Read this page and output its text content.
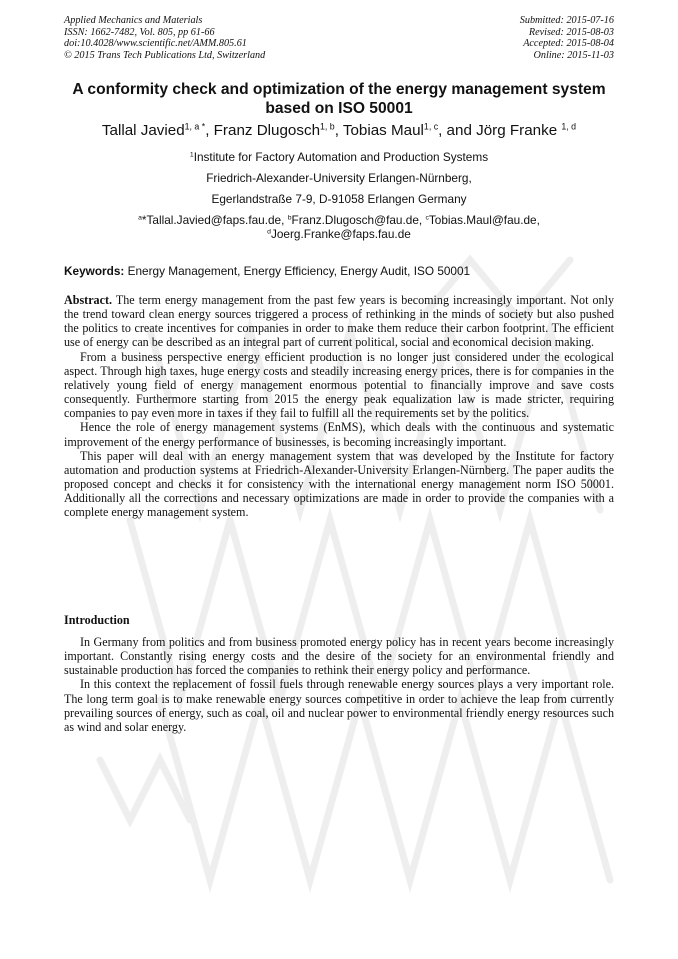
Applied Mechanics and Materials
ISSN: 1662-7482, Vol. 805, pp 61-66
doi:10.4028/www.scientific.net/AMM.805.61
© 2015 Trans Tech Publications Ltd, Switzerland
Submitted: 2015-07-16
Revised: 2015-08-03
Accepted: 2015-08-04
Online: 2015-11-03
A conformity check and optimization of the energy management system
based on ISO 50001
Tallal Javied$^{1, a *}$, Franz Dlugosch$^{1, b}$, Tobias Maul$^{1, c}$, and Jörg Franke $^{1, d}$
$^1$Institute for Factory Automation and Production Systems
Friedrich-Alexander-University Erlangen-Nürnberg,
Egerlandstraße 7-9, D-91058 Erlangen Germany
$^a$*Tallal.Javied@faps.fau.de, $^b$Franz.Dlugosch@fau.de, $^c$Tobias.Maul@fau.de,
$^d$Joerg.Franke@faps.fau.de
Keywords: Energy Management, Energy Efficiency, Energy Audit, ISO 50001

Abstract. The term energy management from the past few years is becoming increasingly important. Not only the trend toward clean energy sources triggered a process of rethinking in the minds of society but also pushed the politics to create incentives for companies in order to make them reduce their carbon footprint. The efficient use of energy can be described as an integral part of current political, social and economical decision making.

From a business perspective energy efficient production is no longer just considered under the ecological aspect. Through high taxes, huge energy costs and steadily increasing energy prices, there is for companies in the relatively young field of energy management enormous potential to financially improve and save costs consequently. Furthermore starting from 2015 the energy peak equalization law is made stricter, requiring companies to pay even more in taxes if they fail to fulfill all the requirements set by the politics.

Hence the role of energy management systems (EnMS), which deals with the continuous and systematic improvement of the energy performance of businesses, is becoming increasingly important.

This paper will deal with an energy management system that was developed by the Institute for factory automation and production systems at Friedrich-Alexander-University Erlangen-Nürnberg. The paper audits the proposed concept and checks it for consistency with the international energy management norm ISO 50001. Additionally all the corrections and necessary optimizations are made in order to provide the companies with a complete energy management system.

Introduction

In Germany from politics and from business promoted energy policy has in recent years become increasingly important. Constantly rising energy costs and the desire of the society for an environmental friendly and sustainable production has forced the companies to rethink their energy policy and performance.

In this context the replacement of fossil fuels through renewable energy sources plays a very important role. The long term goal is to make renewable energy sources competitive in order to achieve the leap from currently prevailing sources of energy, such as coal, oil and nuclear power to environmental friendly energy resources such as wind and solar energy.
